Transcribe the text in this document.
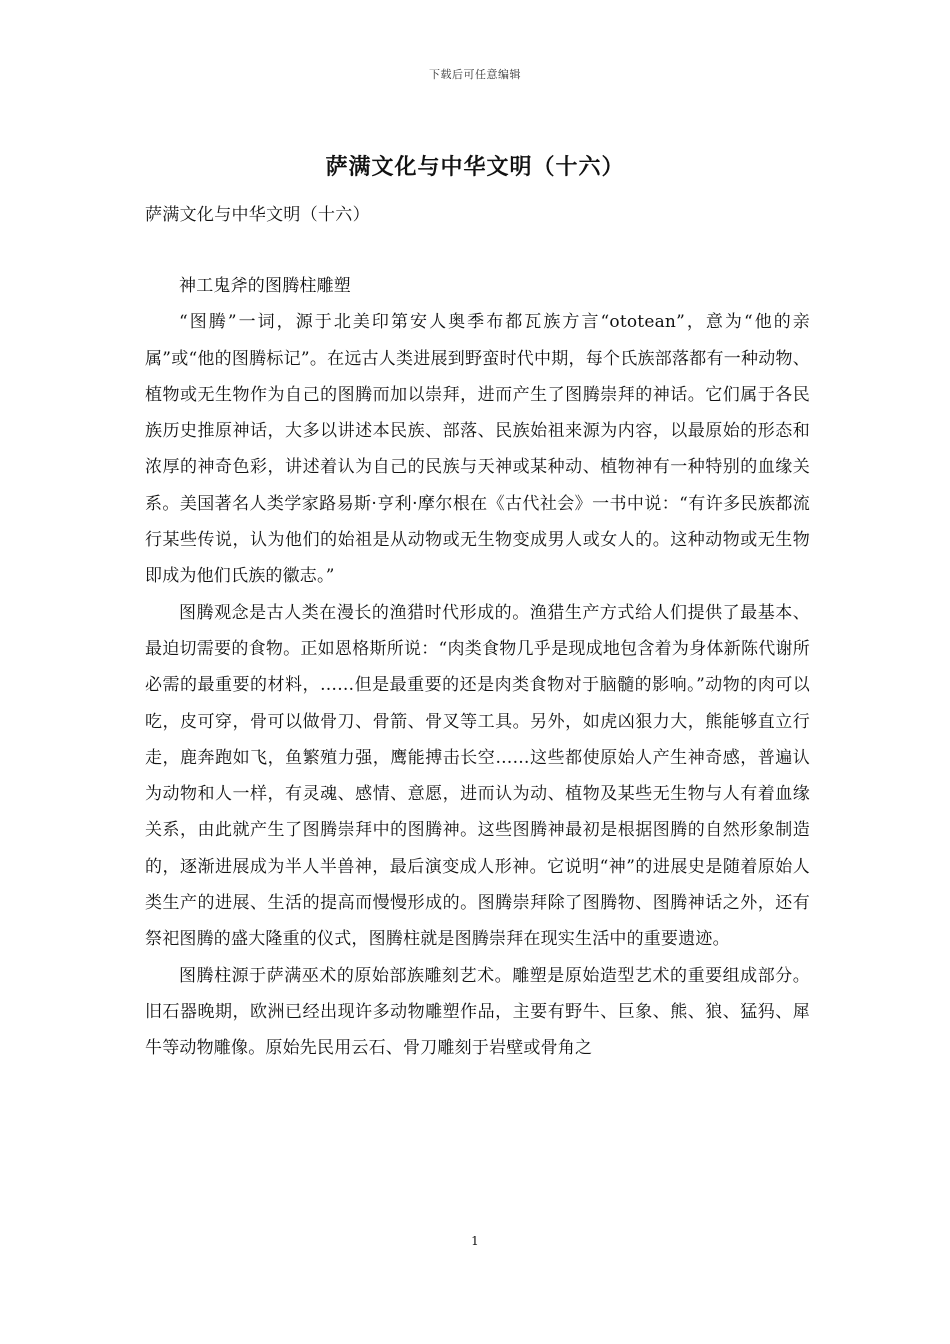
下载后可任意编辑
萨满文化与中华文明（十六）
萨满文化与中华文明（十六）

神工鬼斧的图腾柱雕塑

“图腾”一词，源于北美印第安人奥季布都瓦族方言“ototean”，意为“他的亲属”或“他的图腾标记”。在远古人类进展到野蛮时代中期，每个氏族部落都有一种动物、植物或无生物作为自己的图腾而加以崇拜，进而产生了图腾崇拜的神话。它们属于各民族历史推原神话，大多以讲述本民族、部落、民族始祖来源为内容，以最原始的形态和浓厚的神奇色彩，讲述着认为自己的民族与天神或某种动、植物神有一种特别的血缘关系。美国著名人类学家路易斯·亨利·摩尔根在《古代社会》一书中说：“有许多民族都流行某些传说，认为他们的始祖是从动物或无生物变成男人或女人的。这种动物或无生物即成为他们氏族的徽志。”

图腾观念是古人类在漫长的渔猎时代形成的。渔猎生产方式给人们提供了最基本、最迫切需要的食物。正如恩格斯所说：“肉类食物几乎是现成地包含着为身体新陈代谢所必需的最重要的材料，……但是最重要的还是肉类食物对于脑髓的影响。”动物的肉可以吃，皮可穿，骨可以做骨刀、骨箭、骨叉等工具。另外，如虎凶狠力大，熊能够直立行走，鹿奔跑如飞，鱼繁殖力强，鹰能搏击长空……这些都使原始人产生神奇感，普遍认为动物和人一样，有灵魂、感情、意愿，进而认为动、植物及某些无生物与人有着血缘关系，由此就产生了图腾崇拜中的图腾神。这些图腾神最初是根据图腾的自然形象制造的，逐渐进展成为半人半兽神，最后演变成人形神。它说明“神”的进展史是随着原始人类生产的进展、生活的提高而慢慢形成的。图腾崇拜除了图腾物、图腾神话之外，还有祭祀图腾的盛大隆重的仪式，图腾柱就是图腾崇拜在现实生活中的重要遗迹。

图腾柱源于萨满巫术的原始部族雕刻艺术。雕塑是原始造型艺术的重要组成部分。旧石器晚期，欧洲已经出现许多动物雕塑作品，主要有野牛、巨象、熊、狼、猛犸、犀牛等动物雕像。原始先民用云石、骨刀雕刻于岩壁或骨角之

1
